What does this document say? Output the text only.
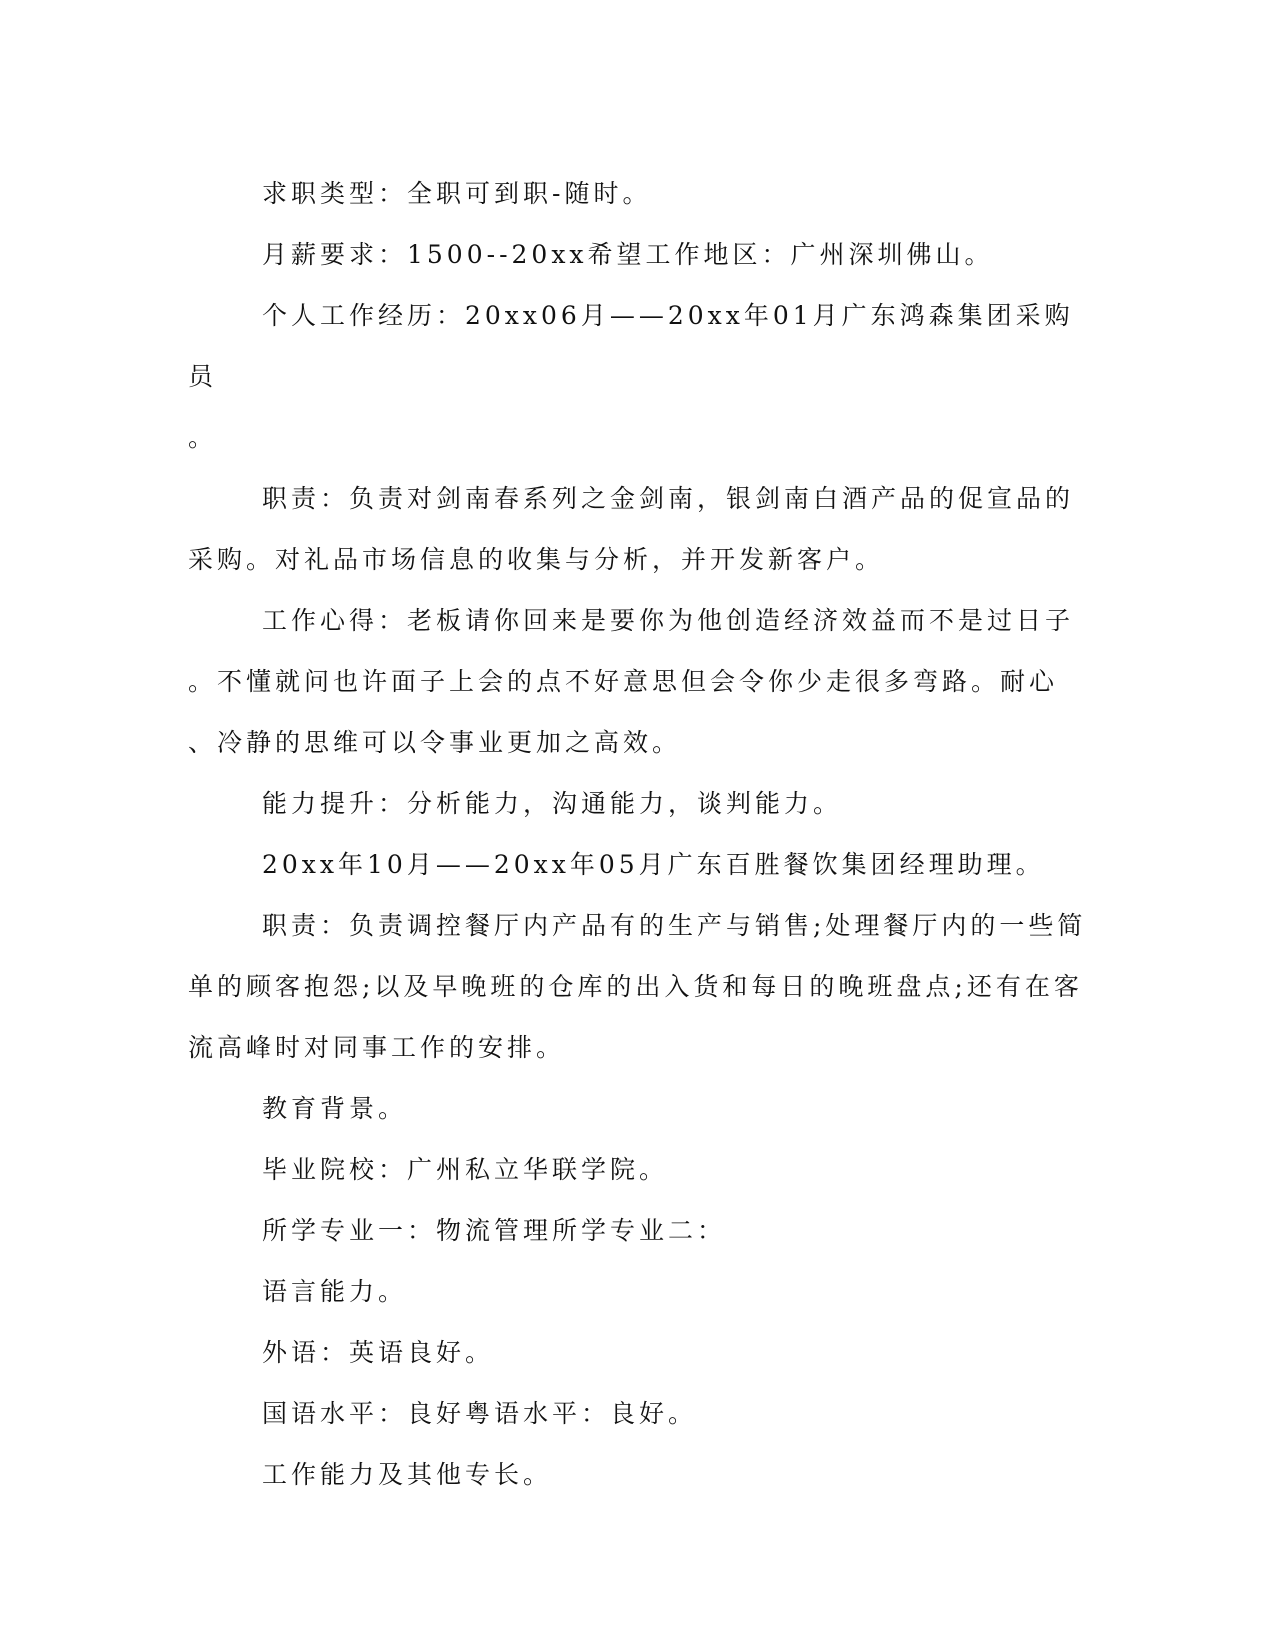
求职类型：全职可到职-随时。

月薪要求：1500--20xx希望工作地区：广州深圳佛山。

个人工作经历：20xx06月——20xx年01月广东鸿森集团采购员
。

职责：负责对剑南春系列之金剑南，银剑南白酒产品的促宣品的
采购。对礼品市场信息的收集与分析，并开发新客户。

工作心得：老板请你回来是要你为他创造经济效益而不是过日子
。不懂就问也许面子上会的点不好意思但会令你少走很多弯路。耐心
、冷静的思维可以令事业更加之高效。

能力提升：分析能力，沟通能力，谈判能力。

20xx年10月——20xx年05月广东百胜餐饮集团经理助理。

职责：负责调控餐厅内产品有的生产与销售;处理餐厅内的一些简
单的顾客抱怨;以及早晚班的仓库的出入货和每日的晚班盘点;还有在客
流高峰时对同事工作的安排。

教育背景。

毕业院校：广州私立华联学院。

所学专业一：物流管理所学专业二：

语言能力。

外语：英语良好。

国语水平：良好粤语水平：良好。

工作能力及其他专长。
